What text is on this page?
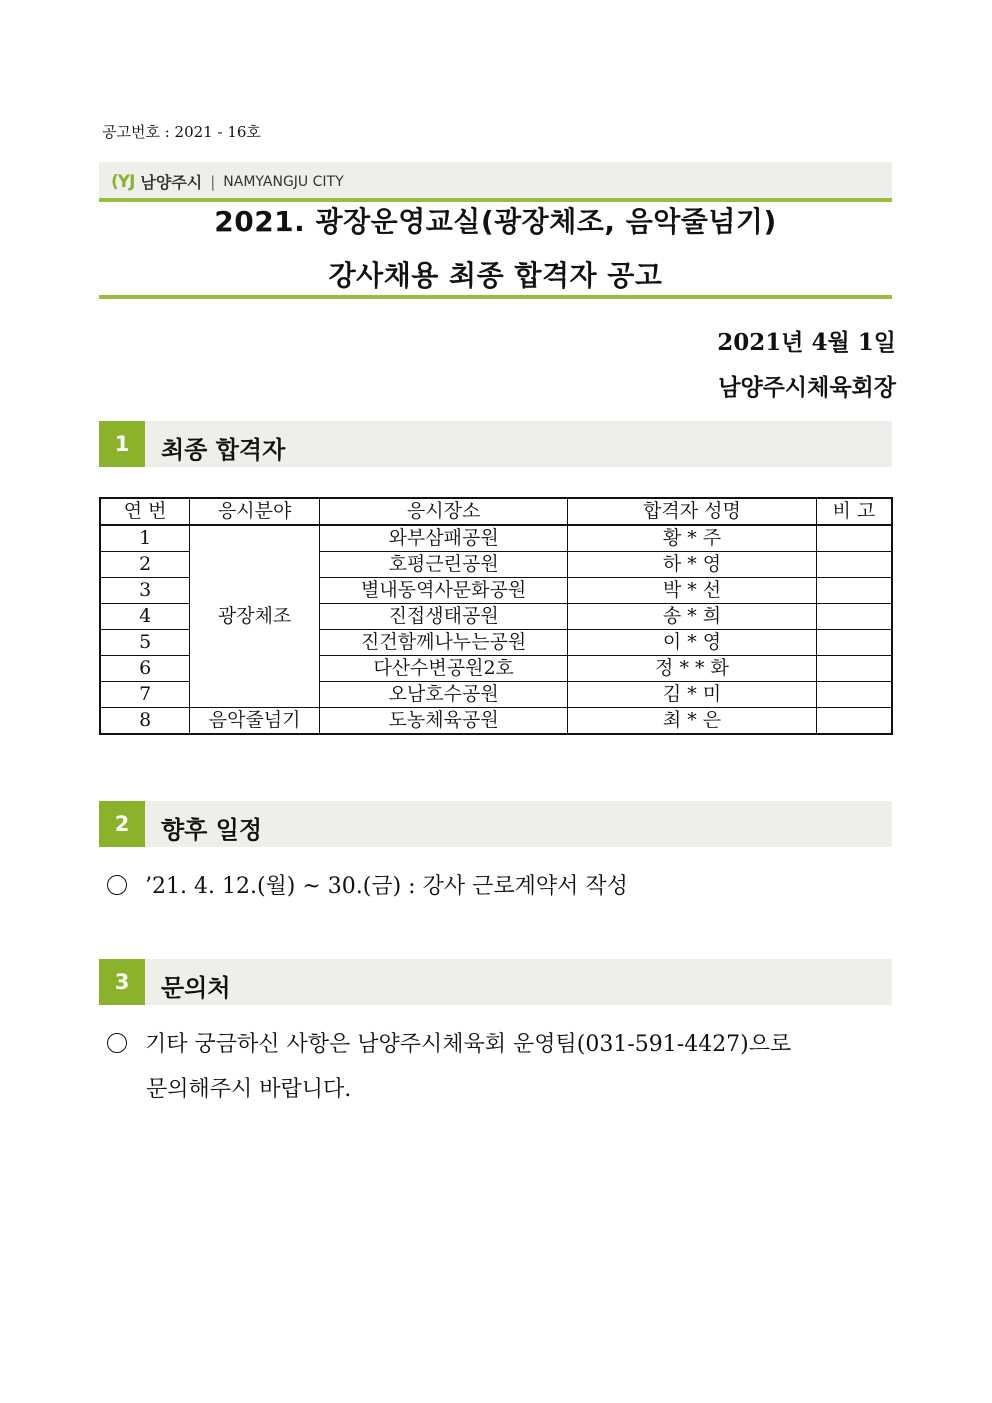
공고번호 : 2021 - 16호
(YJ 남양주시 | NAMYANGJU CITY
2021. 광장운영교실(광장체조, 음악줄넘기)
강사채용 최종 합격자 공고
2021년 4월 1일
남양주시체육회장
1	최종 합격자
연 번	응시분야	응시장소	합격자 성명	비 고
1	광장체조	와부삼패공원	황 * 주	
2		호평근린공원	하 * 영	
3		별내동역사문화공원	박 * 선	
4		진접생태공원	송 * 희	
5		진건함께나누는공원	이 * 영	
6		다산수변공원2호	정 * * 화	
7		오남호수공원	김 * 미	
8	음악줄넘기	도농체육공원	최 * 은	
2	향후 일정
’21. 4. 12.(월) ~ 30.(금) : 강사 근로계약서 작성
3	문의처
기타 궁금하신 사항은 남양주시체육회 운영팀(031-591-4427)으로
문의해주시 바랍니다.
